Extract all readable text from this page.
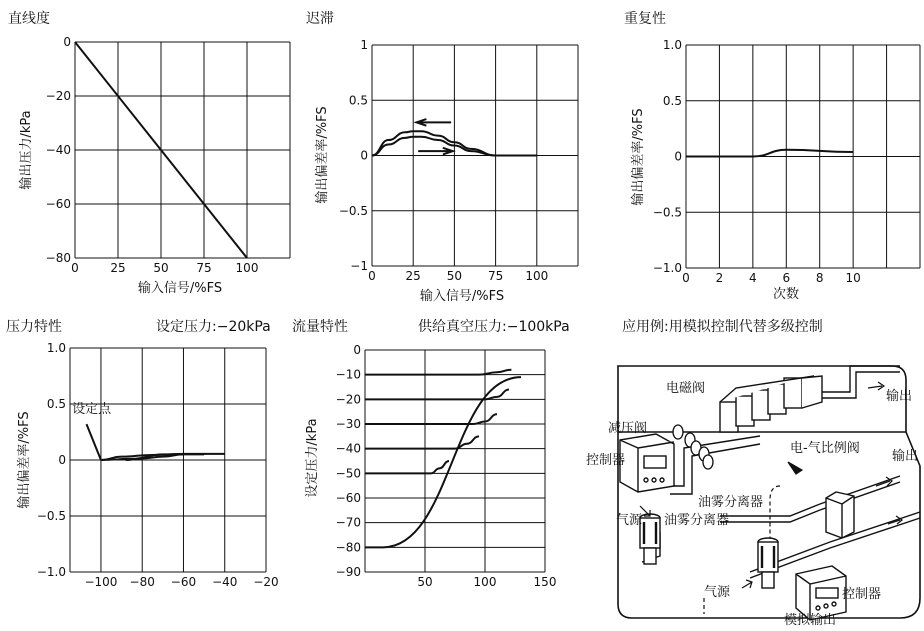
直线度	迟滞	重复性
压力特性	设定压力:−20kPa 流量特性	供给真空压力:−100kPa	应用例:用模拟控制代替多级控制
0	25 50 75 100
0
−20
−40
−60
−80
输入信号/%FS
输出压力/kPa
0 25 50 75 100
1
0.5
0
−0.5
−1
输入信号/%FS
输出偏差率/%FS
0 2 4 6 8 10
1.0
0.5
0
−0.5
−1.0
次数
输出偏差率/%FS
−100 −80 −60 −40 −20
1.0
0.5
0
−0.5
−1.0
输出偏差率/%FS
设定点
50	100	150
0
−10
−20
−30
−40
−50
−60
−70
−80
−90
设定压力/kPa
电磁阀
输出
减压阀
控制器
电-气比例阀
输出
油雾分离器
气源 油雾分离器
气源	控制器
模拟输出
